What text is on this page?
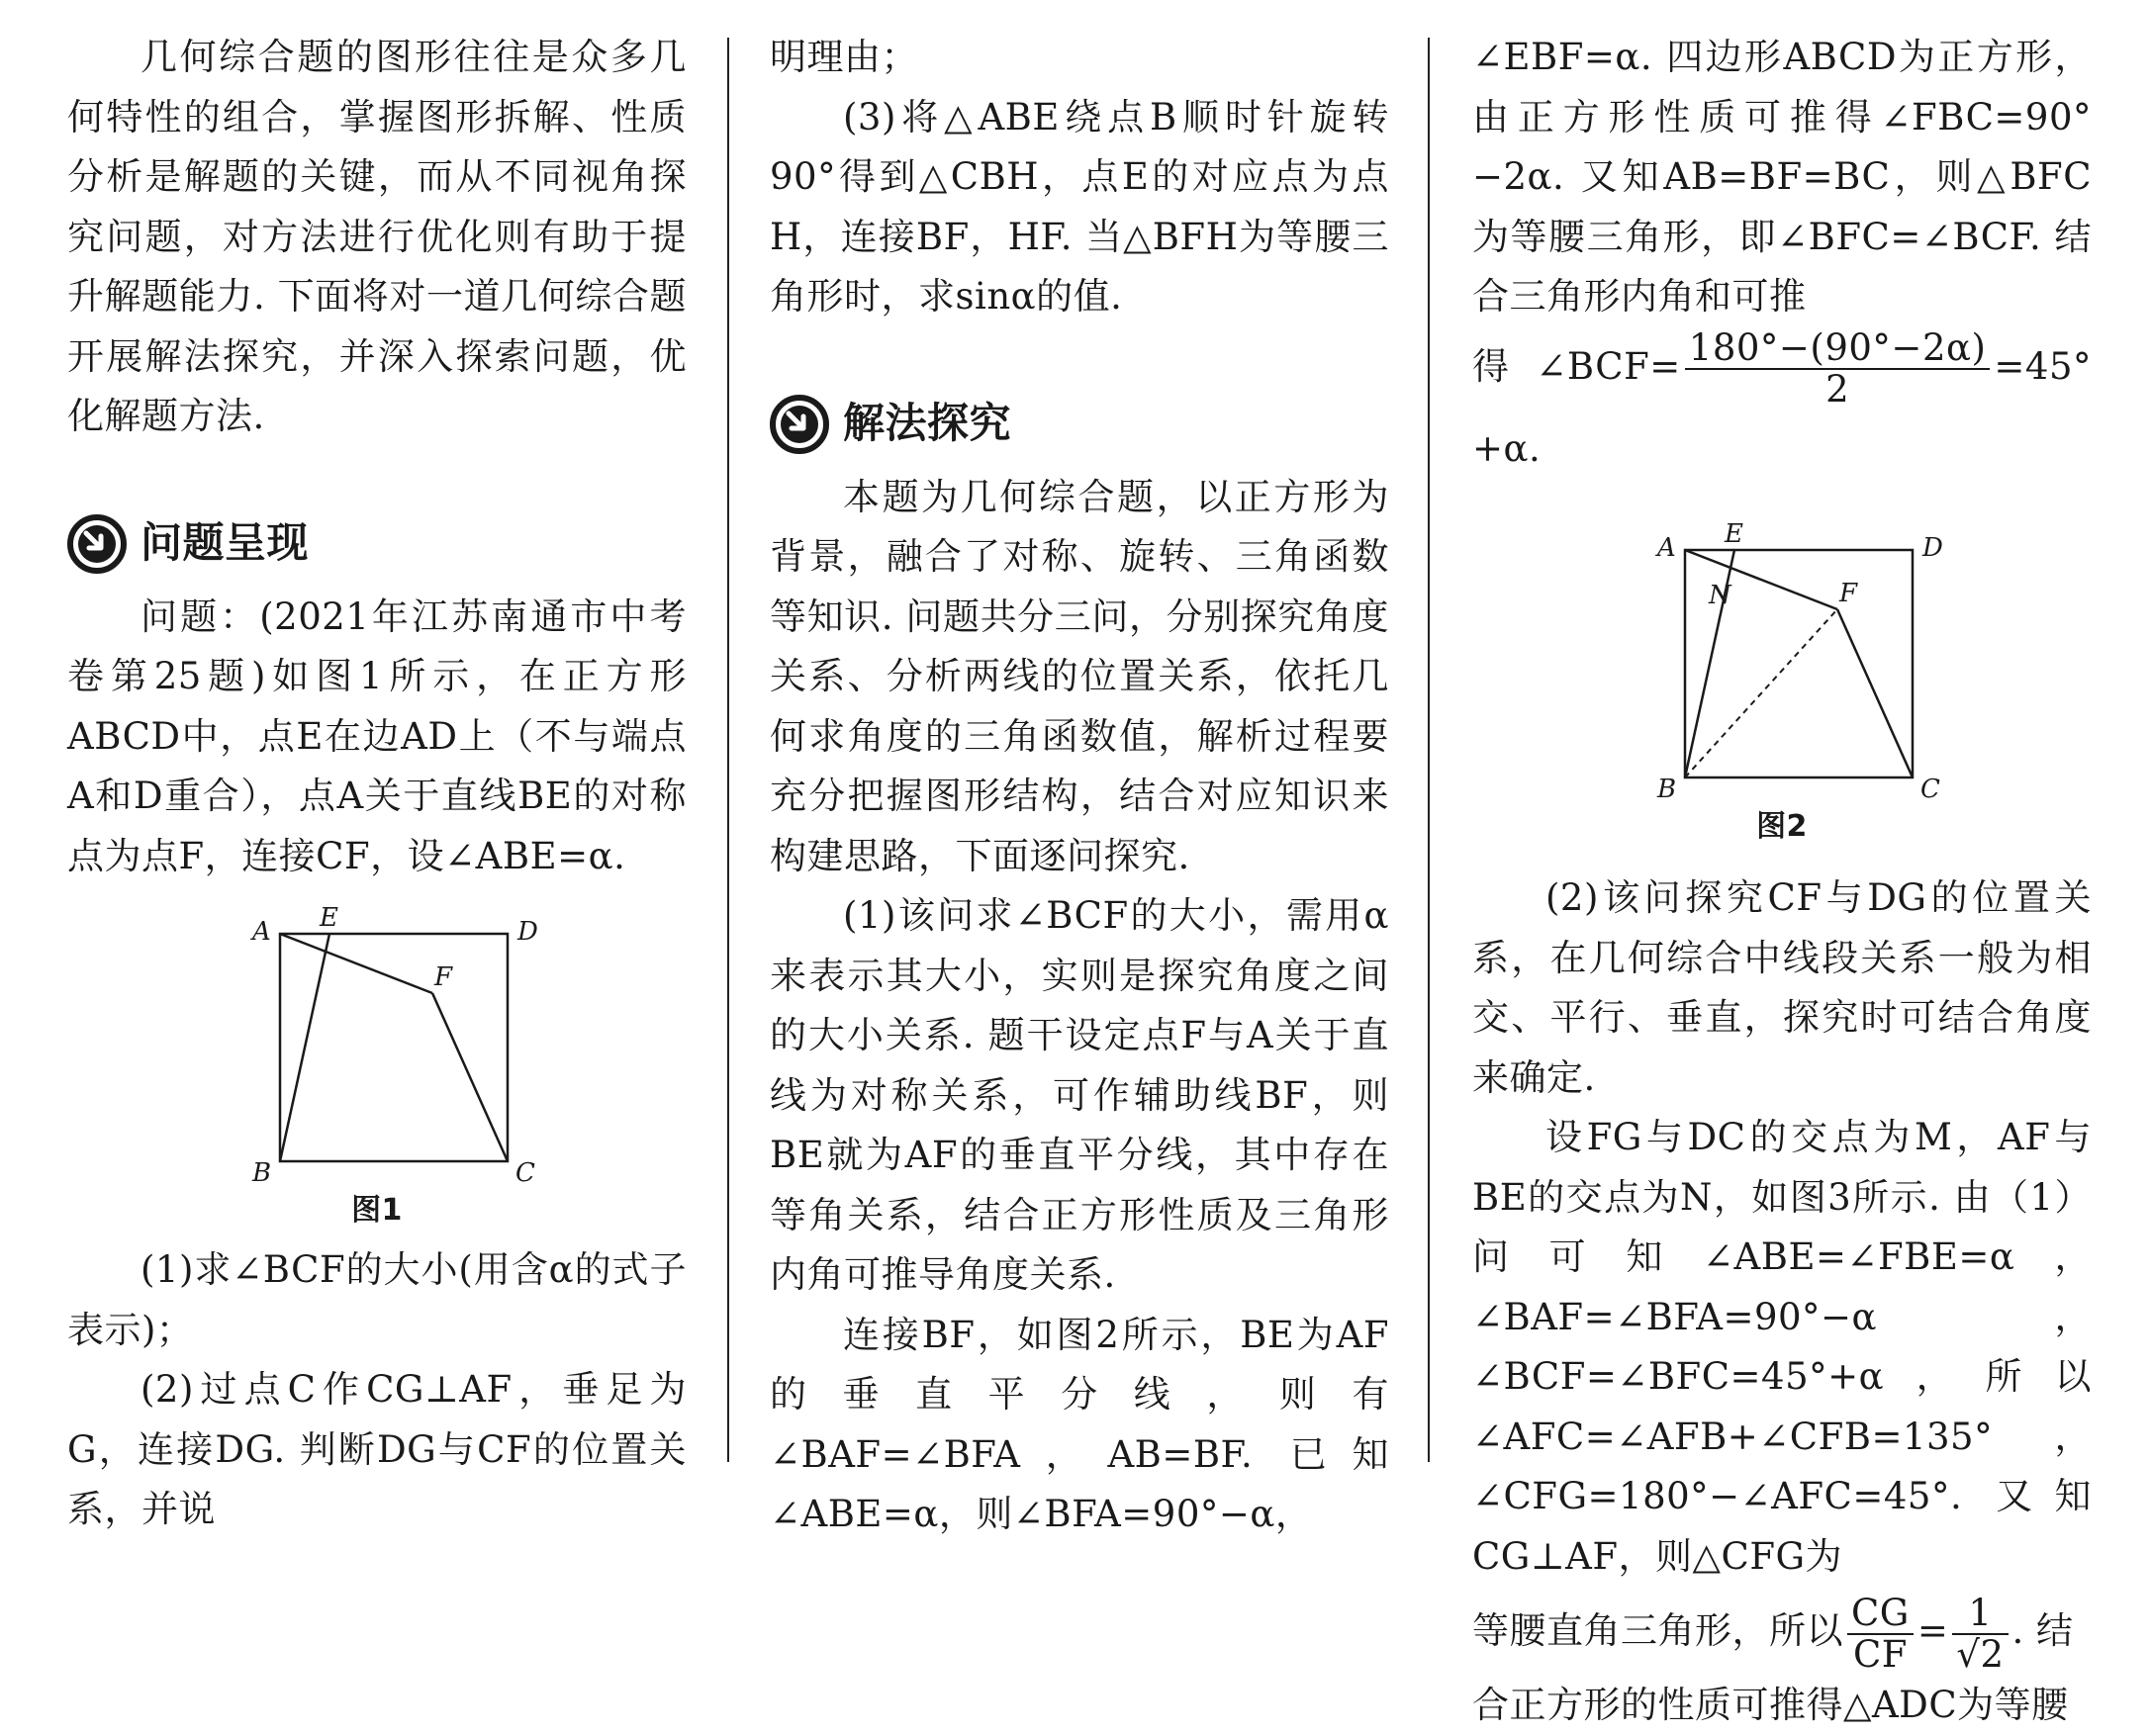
几何综合题的图形往往是众多几何特性的组合，掌握图形拆解、性质分析是解题的关键，而从不同视角探究问题，对方法进行优化则有助于提升解题能力. 下面将对一道几何综合题开展解法探究，并深入探索问题，优化解题方法.

问题呈现

问题：(2021年江苏南通市中考卷第25题)如图1所示，在正方形ABCD中，点E在边AD上（不与端点A和D重合），点A关于直线BE的对称点为点F，连接CF，设∠ABE=α.

A E	D
F
B	C
图1

(1)求∠BCF的大小(用含α的式子表示)；

(2)过点C作CG⊥AF，垂足为G，连接DG. 判断DG与CF的位置关系，并说

明理由；

(3)将△ABE绕点B顺时针旋转90°得到△CBH，点E的对应点为点H，连接BF，HF. 当△BFH为等腰三角形时，求sinα的值.

解法探究

本题为几何综合题，以正方形为背景，融合了对称、旋转、三角函数等知识. 问题共分三问，分别探究角度关系、分析两线的位置关系，依托几何求角度的三角函数值，解析过程要充分把握图形结构，结合对应知识来构建思路，下面逐问探究.

(1)该问求∠BCF的大小，需用α来表示其大小，实则是探究角度之间的大小关系. 题干设定点F与A关于直线为对称关系，可作辅助线BF，则BE就为AF的垂直平分线，其中存在等角关系，结合正方形性质及三角形内角可推导角度关系.

连接BF，如图2所示，BE为AF的垂直平分线，则有∠BAF=∠BFA，AB=BF. 已知∠ABE=α，则∠BFA=90°−α，

∠EBF=α. 四边形ABCD为正方形，由正方形性质可推得∠FBC=90°−2α. 又知AB=BF=BC，则△BFC为等腰三角形，即∠BFC=∠BCF. 结合三角形内角和可推

得∠BCF= $\frac{180^\circ-(90^\circ-2\alpha)}{2} =45^\circ+\alpha$.

A E	D
F
N
B	C
图2

(2)该问探究CF与DG的位置关系，在几何综合中线段关系一般为相交、平行、垂直，探究时可结合角度来确定.

设FG与DC的交点为M，AF与BE的交点为N，如图3所示. 由（1）问可知∠ABE=∠FBE=α，∠BAF=∠BFA=90°−α，∠BCF=∠BFC=45°+α，所以∠AFC=∠AFB+∠CFB=135°，∠CFG=180°−∠AFC=45°. 又知CG⊥AF，则△CFG为

等腰直角三角形，所以 $\frac{CG}{CF} = \frac{1}{√2}$ . 结

合正方形的性质可推得△ADC为等腰
